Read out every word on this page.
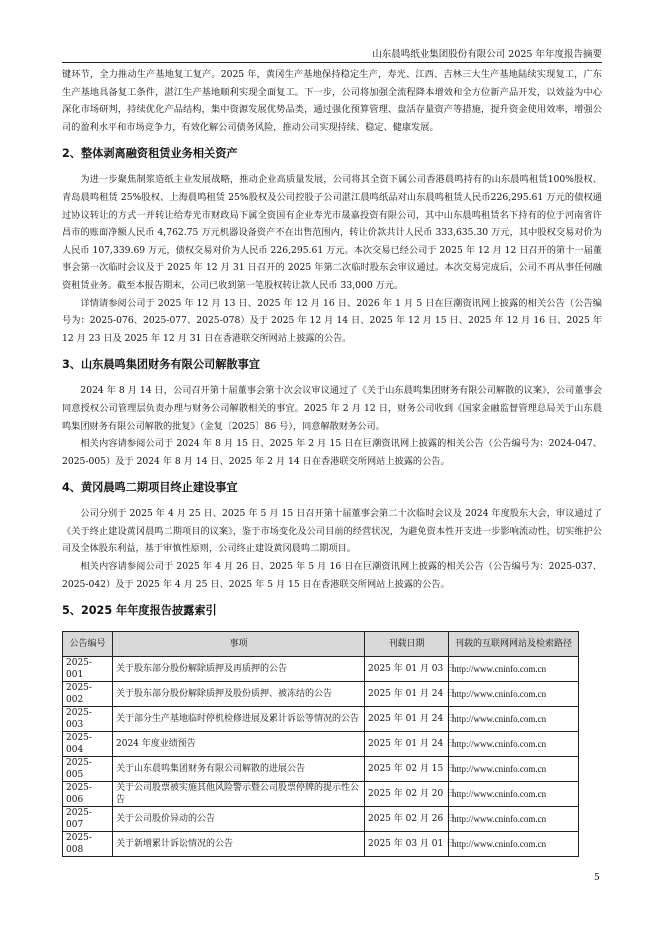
山东晨鸣纸业集团股份有限公司 2025 年年度报告摘要

键环节，全力推动生产基地复工复产。2025 年，黄冈生产基地保持稳定生产，寿光、江西、吉林三大生产基地陆续实现复工，广东生产基地具备复工条件，湛江生产基地顺利实现全面复工。下一步，公司将加强全流程降本增效和全方位新产品开发，以效益为中心深化市场研判，持续优化产品结构，集中资源发展优势品类，通过强化预算管理、盘活存量资产等措施，提升资金使用效率，增强公司的盈利水平和市场竞争力，有效化解公司债务风险，推动公司实现持续、稳定、健康发展。

2、整体剥离融资租赁业务相关资产

为进一步聚焦制浆造纸主业发展战略，推动企业高质量发展，公司将其全资下属公司香港晨鸣持有的山东晨鸣租赁100%股权、青岛晨鸣租赁 25%股权、上海晨鸣租赁 25%股权及公司控股子公司湛江晨鸣纸品对山东晨鸣租赁人民币226,295.61 万元的债权通过协议转让的方式一并转让给寿光市财政局下属全资国有企业寿光市晟嘉投资有限公司，其中山东晨鸣租赁名下持有的位于河南省许昌市的账面净额人民币 4,762.75 万元机器设备资产不在出售范围内，转让价款共计人民币 333,635.30 万元，其中股权交易对价为人民币 107,339.69 万元，债权交易对价为人民币 226,295.61 万元。本次交易已经公司于 2025 年 12 月 12 日召开的第十一届董事会第一次临时会议及于 2025 年 12 月 31 日召开的 2025 年第二次临时股东会审议通过。本次交易完成后，公司不再从事任何融资租赁业务。截至本报告期末，公司已收到第一笔股权转让款人民币 33,000 万元。

详情请参阅公司于 2025 年 12 月 13 日、2025 年 12 月 16 日、2026 年 1 月 5 日在巨潮资讯网上披露的相关公告（公告编号为：2025-076、2025-077、2025-078）及于 2025 年 12 月 14 日、2025 年 12 月 15 日、2025 年 12 月 16 日、2025 年 12 月 23 日及 2025 年 12 月 31 日在香港联交所网站上披露的公告。

3、山东晨鸣集团财务有限公司解散事宜

2024 年 8 月 14 日，公司召开第十届董事会第十次会议审议通过了《关于山东晨鸣集团财务有限公司解散的议案》，公司董事会同意授权公司管理层负责办理与财务公司解散相关的事宜。2025 年 2 月 12 日，财务公司收到《国家金融监督管理总局关于山东晨鸣集团财务有限公司解散的批复》（金复〔2025〕86 号），同意解散财务公司。

相关内容请参阅公司于 2024 年 8 月 15 日、2025 年 2 月 15 日在巨潮资讯网上披露的相关公告（公告编号为：2024-047、2025-005）及于 2024 年 8 月 14 日、2025 年 2 月 14 日在香港联交所网站上披露的公告。

4、黄冈晨鸣二期项目终止建设事宜

公司分别于 2025 年 4 月 25 日、2025 年 5 月 15 日召开第十届董事会第二十次临时会议及 2024 年度股东大会，审议通过了《关于终止建设黄冈晨鸣二期项目的议案》，鉴于市场变化及公司目前的经营状况，为避免资本性开支进一步影响流动性，切实维护公司及全体股东利益，基于审慎性原则，公司终止建设黄冈晨鸣二期项目。

相关内容请参阅公司于 2025 年 4 月 26 日、2025 年 5 月 16 日在巨潮资讯网上披露的相关公告（公告编号为：2025-037、2025-042）及于 2025 年 4 月 25 日、2025 年 5 月 15 日在香港联交所网站上披露的公告。

5、2025 年年度报告披露索引
公告编号	事项	刊载日期	刊载的互联网网站及检索路径
2025-001	关于股东部分股份解除质押及再质押的公告	2025 年 01 月 03 日	http://www.cninfo.com.cn
2025-002	关于股东部分股份解除质押及股份质押、被冻结的公告	2025 年 01 月 24 日	http://www.cninfo.com.cn
2025-003	关于部分生产基地临时停机检修进展及累计诉讼等情况的公告	2025 年 01 月 24 日	http://www.cninfo.com.cn
2025-004	2024 年度业绩预告	2025 年 01 月 24 日	http://www.cninfo.com.cn
2025-005	关于山东晨鸣集团财务有限公司解散的进展公告	2025 年 02 月 15 日	http://www.cninfo.com.cn
2025-006	关于公司股票被实施其他风险警示暨公司股票停牌的提示性公告	2025 年 02 月 20 日	http://www.cninfo.com.cn
2025-007	关于公司股价异动的公告	2025 年 02 月 26 日	http://www.cninfo.com.cn
2025-008	关于新增累计诉讼情况的公告	2025 年 03 月 01 日	http://www.cninfo.com.cn
5
